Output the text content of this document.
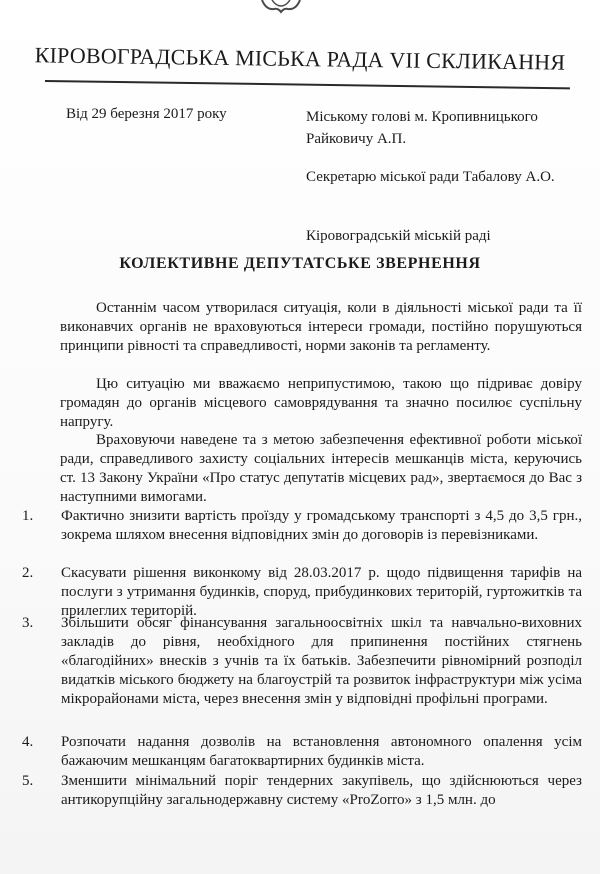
КІРОВОГРАДСЬКА МІСЬКА РАДА VII СКЛИКАННЯ
Від 29 березня 2017 року	Міському голові м. Кропивницького Райковичу А.П.
Секретарю міської ради Табалову А.О.
Кіровоградській міській раді
КОЛЕКТИВНЕ ДЕПУТАТСЬКЕ ЗВЕРНЕННЯ
Останнім часом утворилася ситуація, коли в діяльності міської ради та її виконавчих органів не враховуються інтереси громади, постійно порушуються принципи рівності та справедливості, норми законів та регламенту.
Цю ситуацію ми вважаємо неприпустимою, такою що підриває довіру громадян до органів місцевого самоврядування та значно посилює суспільну напругу.
Враховуючи наведене та з метою забезпечення ефективної роботи міської ради, справедливого захисту соціальних інтересів мешканців міста, керуючись ст. 13 Закону України «Про статус депутатів місцевих рад», звертаємося до Вас з наступними вимогами.
1.	Фактично знизити вартість проїзду у громадському транспорті з 4,5 до 3,5 грн., зокрема шляхом внесення відповідних змін до договорів із перевізниками.
2.	Скасувати рішення виконкому від 28.03.2017 р. щодо підвищення тарифів на послуги з утримання будинків, споруд, прибудинкових територій, гуртожитків та прилеглих територій.
3.	Збільшити обсяг фінансування загальноосвітніх шкіл та навчально-виховних закладів до рівня, необхідного для припинення постійних стягнень «благодійних» внесків з учнів та їх батьків. Забезпечити рівномірний розподіл видатків міського бюджету на благоустрій та розвиток інфраструктури між усіма мікрорайонами міста, через внесення змін у відповідні профільні програми.
4.	Розпочати надання дозволів на встановлення автономного опалення усім бажаючим мешканцям багатоквартирних будинків міста.
5.	Зменшити мінімальний поріг тендерних закупівель, що здійснюються через антикорупційну загальнодержавну систему «ProZorro» з 1,5 млн. до
